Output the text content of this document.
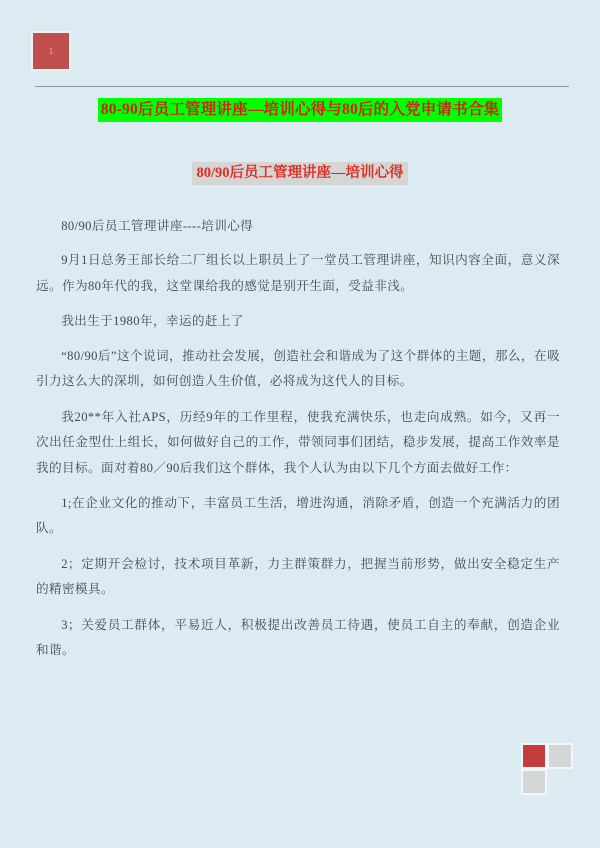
1
80-90后员工管理讲座—培训心得与80后的入党申请书合集
80/90后员工管理讲座—培训心得

80/90后员工管理讲座----培训心得

9月1日总务王部长给二厂组长以上职员上了一堂员工管理讲座，知识内容全面，意义深远。作为80年代的我，这堂课给我的感觉是别开生面，受益非浅。

我出生于1980年，幸运的赶上了

“80/90后”这个说词，推动社会发展，创造社会和谐成为了这个群体的主题，那么，在吸引力这么大的深圳，如何创造人生价值，必将成为这代人的目标。

我20**年入社APS，历经9年的工作里程，使我充满快乐，也走向成熟。如今，又再一次出任金型仕上组长，如何做好自己的工作，带领同事们团结，稳步发展，提高工作效率是我的目标。面对着80／90后我们这个群体，我个人认为由以下几个方面去做好工作：

1;在企业文化的推动下，丰富员工生活，增进沟通，消除矛盾，创造一个充满活力的团队。

2；定期开会检讨，技术项目革新，力主群策群力，把握当前形势，做出安全稳定生产的精密模具。

3；关爱员工群体，平易近人，积极提出改善员工待遇，使员工自主的奉献，创造企业和谐。
